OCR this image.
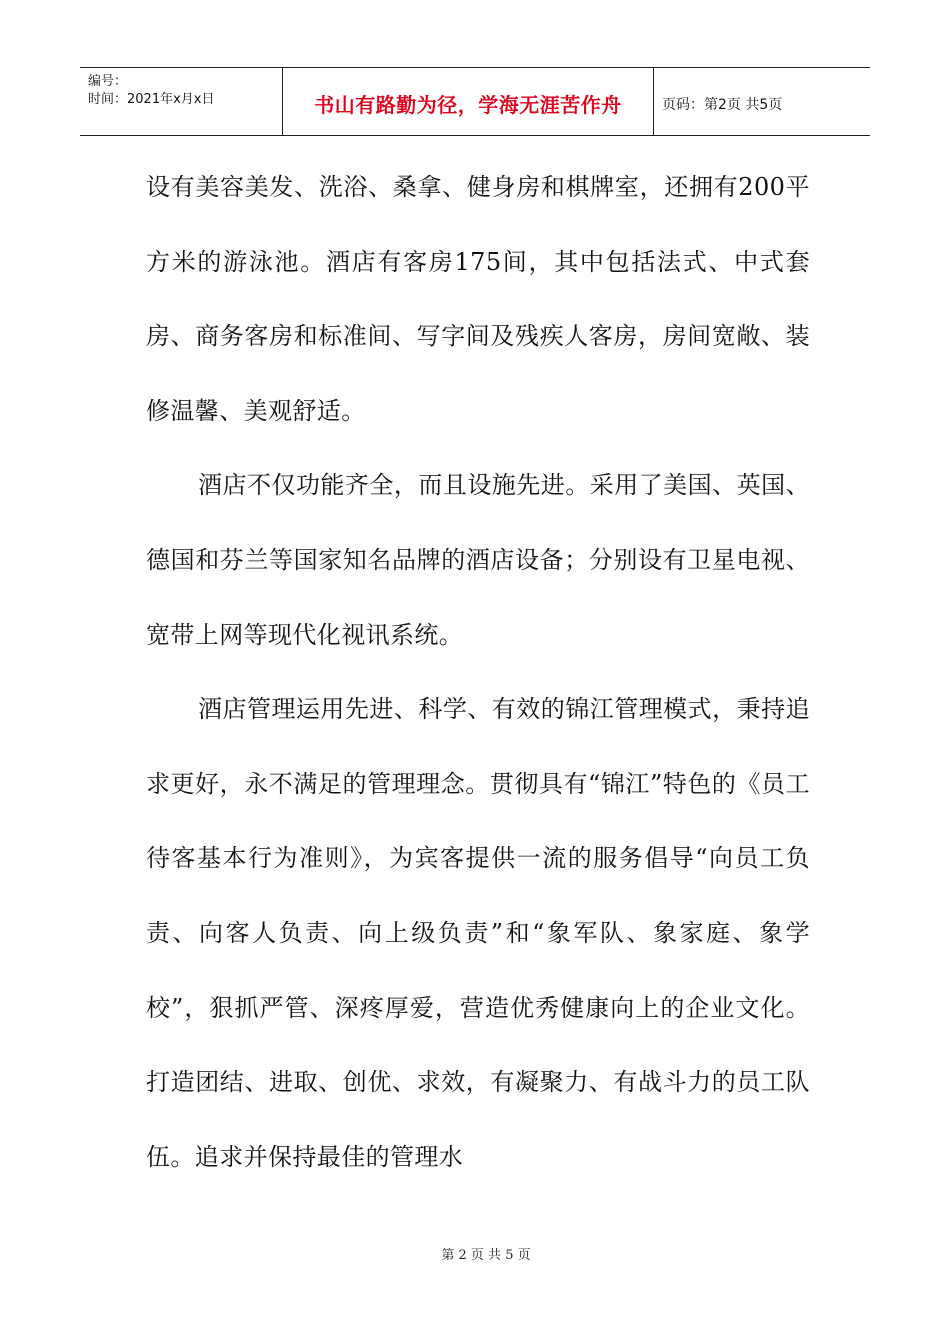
编号：
时间：2021年x月x日	书山有路勤为径，学海无涯苦作舟	页码：第2页 共5页

设有美容美发、洗浴、桑拿、健身房和棋牌室，还拥有200平方米的游泳池。酒店有客房175间，其中包括法式、中式套房、商务客房和标准间、写字间及残疾人客房，房间宽敞、装修温馨、美观舒适。

酒店不仅功能齐全，而且设施先进。采用了美国、英国、德国和芬兰等国家知名品牌的酒店设备；分别设有卫星电视、宽带上网等现代化视讯系统。

酒店管理运用先进、科学、有效的锦江管理模式，秉持追求更好，永不满足的管理理念。贯彻具有“锦江”特色的《员工待客基本行为准则》，为宾客提供一流的服务倡导“向员工负责、向客人负责、向上级负责”和“象军队、象家庭、象学校”，狠抓严管、深疼厚爱，营造优秀健康向上的企业文化。打造团结、进取、创优、求效，有凝聚力、有战斗力的员工队伍。追求并保持最佳的管理水

第 2 页 共 5 页
